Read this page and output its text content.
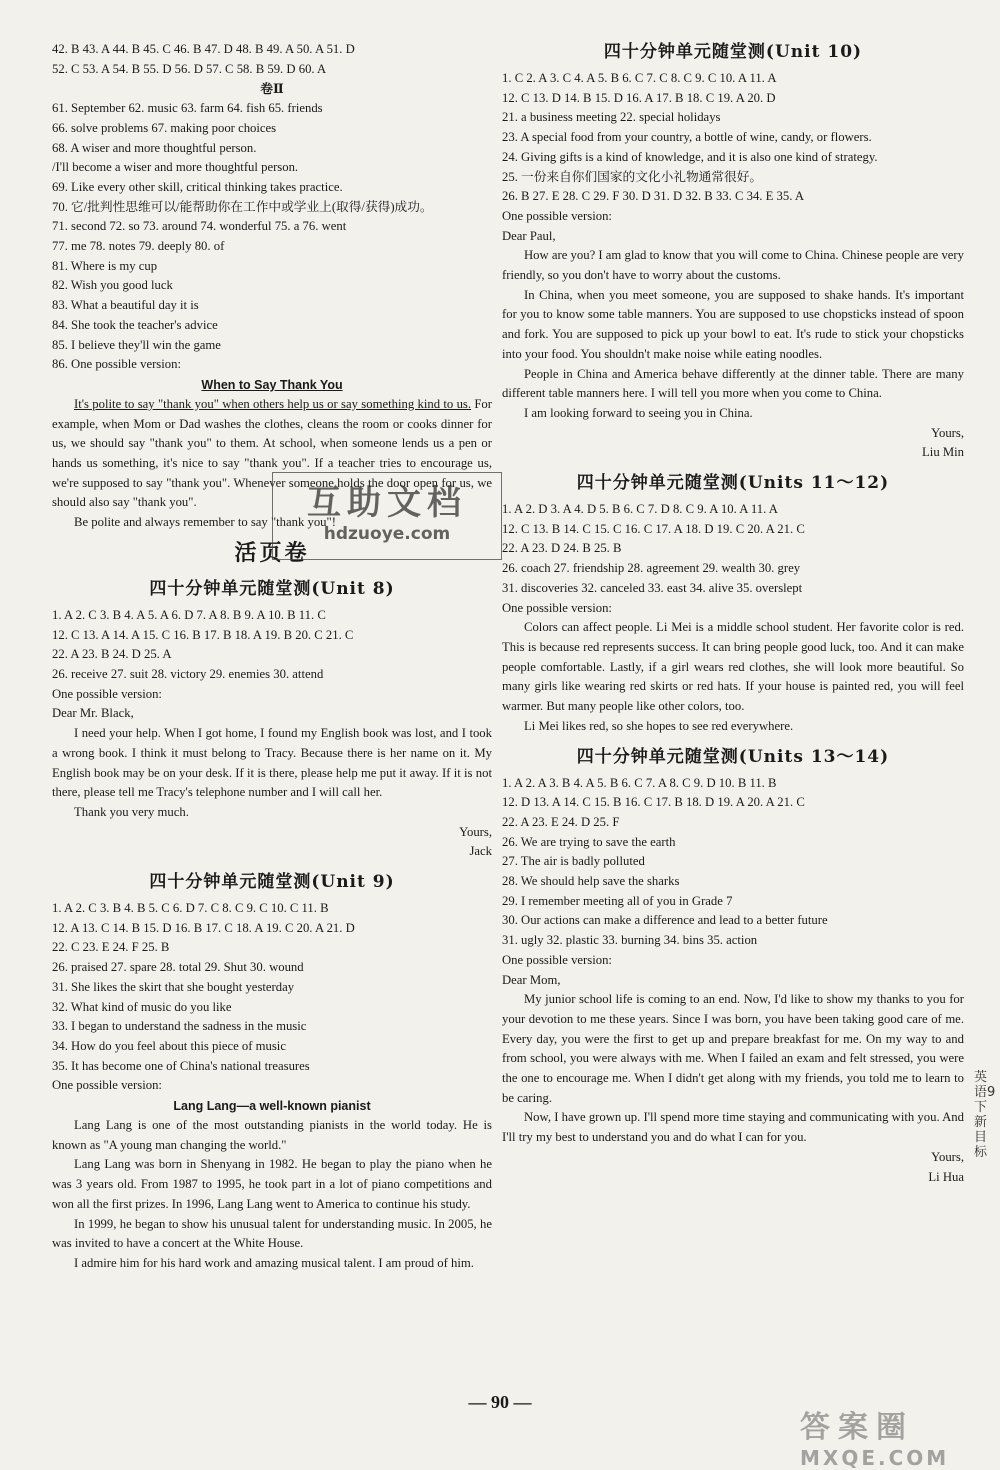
42. B 43. A 44. B 45. C 46. B 47. D 48. B 49. A 50. A 51. D
52. C 53. A 54. B 55. D 56. D 57. C 58. B 59. D 60. A
卷Ⅱ
61. September 62. music 63. farm 64. fish 65. friends
66. solve problems 67. making poor choices
68. A wiser and more thoughtful person.
/I'll become a wiser and more thoughtful person.
69. Like every other skill, critical thinking takes practice.
70. 它/批判性思维可以/能帮助你在工作中或学业上(取得/获得)成功。
71. second 72. so 73. around 74. wonderful 75. a 76. went
77. me 78. notes 79. deeply 80. of
81. Where is my cup
82. Wish you good luck
83. What a beautiful day it is
84. She took the teacher's advice
85. I believe they'll win the game
86. One possible version:
When to Say Thank You
It's polite to say "thank you" when others help us or say something kind to us. For example, when Mom or Dad washes the clothes, cleans the room or cooks dinner for us, we should say "thank you" to them. At school, when someone lends us a pen or hands us something, it's nice to say "thank you". If a teacher tries to encourage us, we're supposed to say "thank you". Whenever someone holds the door open for us, we should also say "thank you".
Be polite and always remember to say "thank you"!
活页卷
四十分钟单元随堂测(Unit 8)
1. A 2. C 3. B 4. A 5. A 6. D 7. A 8. B 9. A 10. B 11. C
12. C 13. A 14. A 15. C 16. B 17. B 18. A 19. B 20. C 21. C
22. A 23. B 24. D 25. A
26. receive 27. suit 28. victory 29. enemies 30. attend
One possible version:
Dear Mr. Black,
I need your help. When I got home, I found my English book was lost, and I took a wrong book. I think it must belong to Tracy. Because there is her name on it. My English book may be on your desk. If it is there, please help me put it away. If it is not there, please tell me Tracy's telephone number and I will call her.
Thank you very much.
Yours,
Jack
四十分钟单元随堂测(Unit 9)
1. A 2. C 3. B 4. B 5. C 6. D 7. C 8. C 9. C 10. C 11. B
12. A 13. C 14. B 15. D 16. B 17. C 18. A 19. C 20. A 21. D
22. C 23. E 24. F 25. B
26. praised 27. spare 28. total 29. Shut 30. wound
31. She likes the skirt that she bought yesterday
32. What kind of music do you like
33. I began to understand the sadness in the music
34. How do you feel about this piece of music
35. It has become one of China's national treasures
One possible version:
Lang Lang—a well-known pianist
Lang Lang is one of the most outstanding pianists in the world today. He is known as "A young man changing the world."
Lang Lang was born in Shenyang in 1982. He began to play the piano when he was 3 years old. From 1987 to 1995, he took part in a lot of piano competitions and won all the first prizes. In 1996, Lang Lang went to America to continue his study.
In 1999, he began to show his unusual talent for understanding music. In 2005, he was invited to have a concert at the White House.
I admire him for his hard work and amazing musical talent. I am proud of him.
四十分钟单元随堂测(Unit 10)
1. C 2. A 3. C 4. A 5. B 6. C 7. C 8. C 9. C 10. A 11. A
12. C 13. D 14. B 15. D 16. A 17. B 18. C 19. A 20. D
21. a business meeting 22. special holidays
23. A special food from your country, a bottle of wine, candy, or flowers.
24. Giving gifts is a kind of knowledge, and it is also one kind of strategy.
25. 一份来自你们国家的文化小礼物通常很好。
26. B 27. E 28. C 29. F 30. D 31. D 32. B 33. C 34. E 35. A
One possible version:
Dear Paul,
How are you? I am glad to know that you will come to China. Chinese people are very friendly, so you don't have to worry about the customs.
In China, when you meet someone, you are supposed to shake hands. It's important for you to know some table manners. You are supposed to use chopsticks instead of spoon and fork. You are supposed to pick up your bowl to eat. It's rude to stick your chopsticks into your food. You shouldn't make noise while eating noodles.
People in China and America behave differently at the dinner table. There are many different table manners here. I will tell you more when you come to China.
I am looking forward to seeing you in China.
Yours,
Liu Min
四十分钟单元随堂测(Units 11～12)
1. A 2. D 3. A 4. D 5. B 6. C 7. D 8. C 9. A 10. A 11. A
12. C 13. B 14. C 15. C 16. C 17. A 18. D 19. C 20. A 21. C
22. A 23. D 24. B 25. B
26. coach 27. friendship 28. agreement 29. wealth 30. grey
31. discoveries 32. canceled 33. east 34. alive 35. overslept
One possible version:
Colors can affect people. Li Mei is a middle school student. Her favorite color is red. This is because red represents success. It can bring people good luck, too. And it can make people comfortable. Lastly, if a girl wears red clothes, she will look more beautiful. So many girls like wearing red skirts or red hats. If your house is painted red, you will feel warmer. But many people like other colors, too.
Li Mei likes red, so she hopes to see red everywhere.
四十分钟单元随堂测(Units 13～14)
1. A 2. A 3. B 4. A 5. B 6. C 7. A 8. C 9. D 10. B 11. B
12. D 13. A 14. C 15. B 16. C 17. B 18. D 19. A 20. A 21. C
22. A 23. E 24. D 25. F
26. We are trying to save the earth
27. The air is badly polluted
28. We should help save the sharks
29. I remember meeting all of you in Grade 7
30. Our actions can make a difference and lead to a better future
31. ugly 32. plastic 33. burning 34. bins 35. action
One possible version:
Dear Mom,
My junior school life is coming to an end. Now, I'd like to show my thanks to you for your devotion to me these years. Since I was born, you have been taking good care of me. Every day, you were the first to get up and prepare breakfast for me. On my way to and from school, you were always with me. When I failed an exam and felt stressed, you were the one to encourage me. When I didn't get along with my friends, you told me to learn to be caring.
Now, I have grown up. I'll spend more time staying and communicating with you. And I'll try my best to understand you and do what I can for you.
Yours,
Li Hua
英语9下新目标
互助文档
hdzuoye.com
— 90 —
答案圈
MXQE.COM
